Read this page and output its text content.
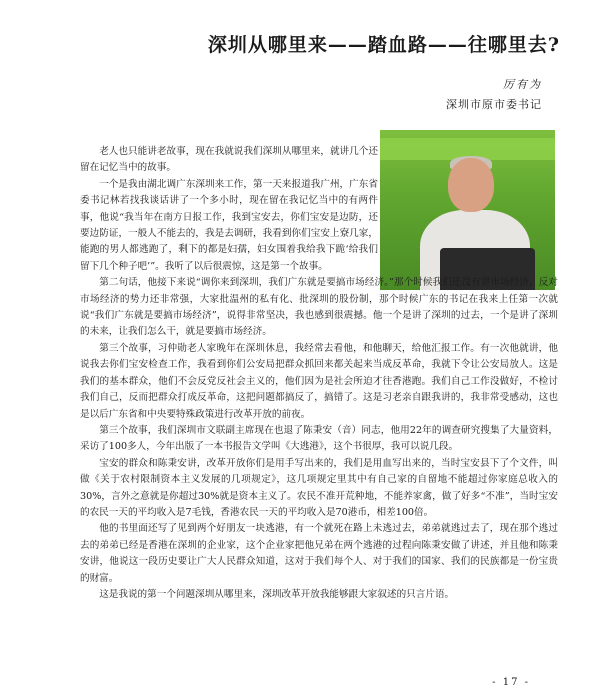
深圳从哪里来——踏血路——往哪里去?
厉有为
深圳市原市委书记

老人也只能讲老故事，现在我就说我们深圳从哪里来，就讲几个还留在记忆当中的故事。

一个是我由湖北调广东深圳来工作，第一天来报道我广州，广东省委书记林若找我谈话讲了一个多小时，现在留在我记忆当中的有两件事，他说“我当年在南方日报工作，我到宝安去，你们宝安是边防，还要边防证，一般人不能去的，我是去调研，我看到你们宝安上寮几家，能跑的男人都逃跑了，剩下的都是妇孺，妇女围着我给我下跪‘给我们留下几个种子吧’”。我听了以后很震惊，这是第一个故事。

第二句话，他接下来说“调你来到深圳，我们广东就是要搞市场经济。”那个时候我们还没有讲市场经济，反对市场经济的势力还非常强，大家批温州的私有化、批深圳的股份制，那个时候广东的书记在我来上任第一次就说“我们广东就是要搞市场经济”，说得非常坚决，我也感到很震撼。他一个是讲了深圳的过去，一个是讲了深圳的未来，让我们怎么干，就是要搞市场经济。

第三个故事，习仲勋老人家晚年在深圳休息，我经常去看他，和他聊天，给他汇报工作。有一次他就讲，他说我去你们宝安检查工作，我看到你们公安局把群众抓回来都关起来当成反革命，我就下令让公安局放人。这是我们的基本群众，他们不会反党反社会主义的，他们因为是社会所迫才往香港跑。我们自己工作没做好，不检讨我们自己，反而把群众打成反革命，这把问题都搞反了，搞错了。这是习老亲自跟我讲的，我非常受感动，这也是以后广东省和中央要特殊政策进行改革开放的前夜。

第三个故事，我们深圳市文联副主席现在也退了陈秉安（音）同志，他用22年的调查研究搜集了大量资料，采访了100多人，今年出版了一本书报告文学叫《大逃港》，这个书很厚，我可以说几段。

宝安的群众和陈秉安讲，改革开放你们是用手写出来的，我们是用血写出来的，当时宝安县下了个文件，叫做《关于农村限制资本主义发展的几项规定》，这几项规定里其中有自己家的自留地不能超过你家庭总收入的30%，言外之意就是你超过30%就是资本主义了。农民不准开荒种地，不能养家禽，做了好多“不准”，当时宝安的农民一天的平均收入是7毛钱，香港农民一天的平均收入是70港币，相差100倍。

他的书里面还写了见到两个好朋友一块逃港，有一个就死在路上未逃过去，弟弟就逃过去了，现在那个逃过去的弟弟已经是香港在深圳的企业家，这个企业家把他兄弟在两个逃港的过程向陈秉安做了讲述，并且他和陈秉安讲，他说这一段历史要让广大人民群众知道，这对于我们每个人、对于我们的国家、我们的民族都是一份宝贵的财富。

这是我说的第一个问题深圳从哪里来，深圳改革开放我能够跟大家叙述的只言片语。

- 17 -
